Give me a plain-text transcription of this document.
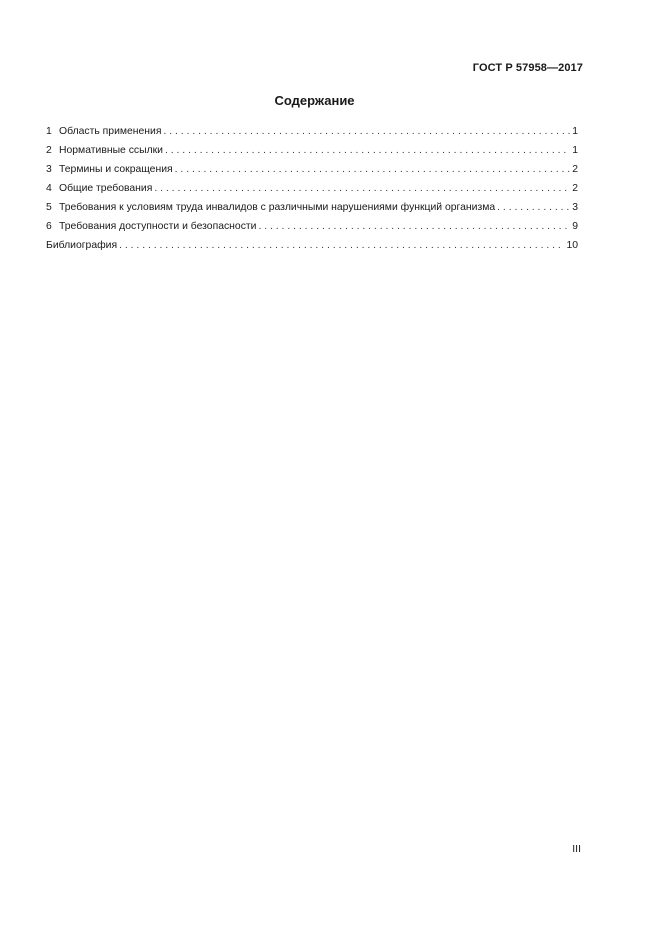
ГОСТ Р 57958—2017
Содержание
1 Область применения . . .	1
2 Нормативные ссылки . . .	1
3 Термины и сокращения . . .	2
4 Общие требования . . .	2
5 Требования к условиям труда инвалидов с различными нарушениями функций организма . . .	3
6 Требования доступности и безопасности . . .	9
Библиография . . .	10
III
